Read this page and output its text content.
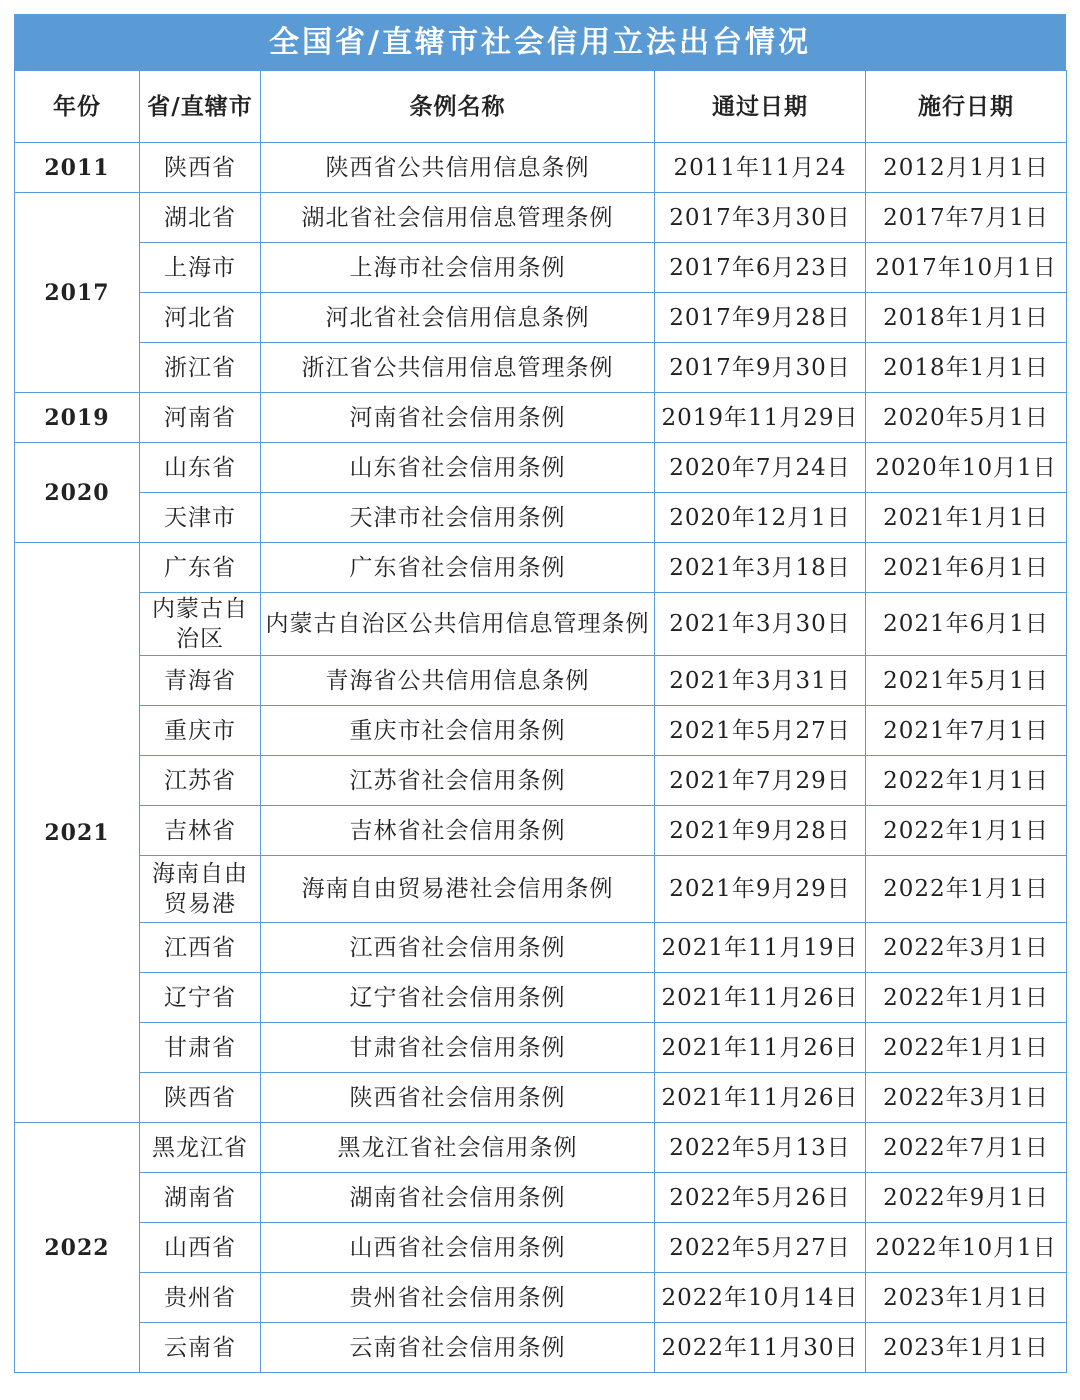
全国省/直辖市社会信用立法出台情况
年份	省/直辖市	条例名称	通过日期	施行日期
2011	陕西省	陕西省公共信用信息条例	2011年11月24	2012月1月1日
2017	湖北省	湖北省社会信用信息管理条例	2017年3月30日	2017年7月1日
	上海市	上海市社会信用条例	2017年6月23日	2017年10月1日
	河北省	河北省社会信用信息条例	2017年9月28日	2018年1月1日
	浙江省	浙江省公共信用信息管理条例	2017年9月30日	2018年1月1日
2019	河南省	河南省社会信用条例	2019年11月29日	2020年5月1日
2020	山东省	山东省社会信用条例	2020年7月24日	2020年10月1日
	天津市	天津市社会信用条例	2020年12月1日	2021年1月1日
2021	广东省	广东省社会信用条例	2021年3月18日	2021年6月1日
	内蒙古自治区	内蒙古自治区公共信用信息管理条例	2021年3月30日	2021年6月1日
	青海省	青海省公共信用信息条例	2021年3月31日	2021年5月1日
	重庆市	重庆市社会信用条例	2021年5月27日	2021年7月1日
	江苏省	江苏省社会信用条例	2021年7月29日	2022年1月1日
	吉林省	吉林省社会信用条例	2021年9月28日	2022年1月1日
	海南自由贸易港	海南自由贸易港社会信用条例	2021年9月29日	2022年1月1日
	江西省	江西省社会信用条例	2021年11月19日	2022年3月1日
	辽宁省	辽宁省社会信用条例	2021年11月26日	2022年1月1日
	甘肃省	甘肃省社会信用条例	2021年11月26日	2022年1月1日
	陕西省	陕西省社会信用条例	2021年11月26日	2022年3月1日
2022	黑龙江省	黑龙江省社会信用条例	2022年5月13日	2022年7月1日
	湖南省	湖南省社会信用条例	2022年5月26日	2022年9月1日
	山西省	山西省社会信用条例	2022年5月27日	2022年10月1日
	贵州省	贵州省社会信用条例	2022年10月14日	2023年1月1日
	云南省	云南省社会信用条例	2022年11月30日	2023年1月1日
